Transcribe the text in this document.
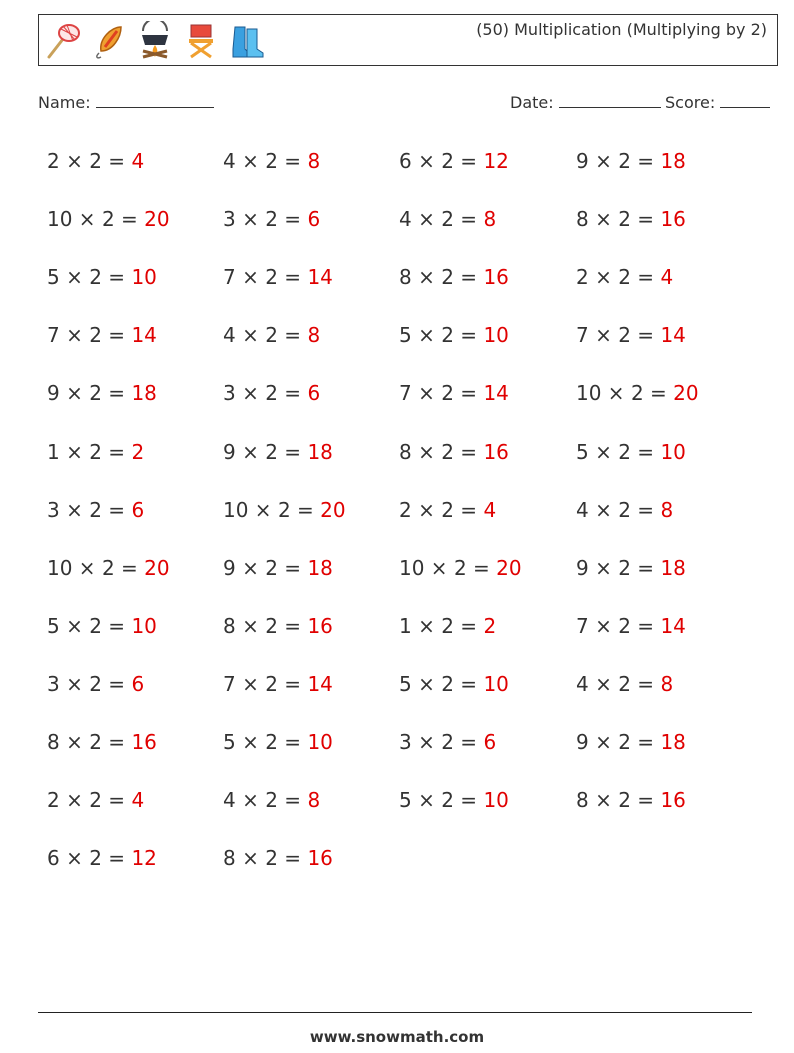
(50) Multiplication (Multiplying by 2)
Name:	Date:	Score:
2 × 2 = 4	4 × 2 = 8	6 × 2 = 12	9 × 2 = 18
10 × 2 = 20	3 × 2 = 6	4 × 2 = 8	8 × 2 = 16
5 × 2 = 10	7 × 2 = 14	8 × 2 = 16	2 × 2 = 4
7 × 2 = 14	4 × 2 = 8	5 × 2 = 10	7 × 2 = 14
9 × 2 = 18	3 × 2 = 6	7 × 2 = 14	10 × 2 = 20
1 × 2 = 2	9 × 2 = 18	8 × 2 = 16	5 × 2 = 10
3 × 2 = 6	10 × 2 = 20	2 × 2 = 4	4 × 2 = 8
10 × 2 = 20	9 × 2 = 18	10 × 2 = 20	9 × 2 = 18
5 × 2 = 10	8 × 2 = 16	1 × 2 = 2	7 × 2 = 14
3 × 2 = 6	7 × 2 = 14	5 × 2 = 10	4 × 2 = 8
8 × 2 = 16	5 × 2 = 10	3 × 2 = 6	9 × 2 = 18
2 × 2 = 4	4 × 2 = 8	5 × 2 = 10	8 × 2 = 16
6 × 2 = 12	8 × 2 = 16
www.snowmath.com
